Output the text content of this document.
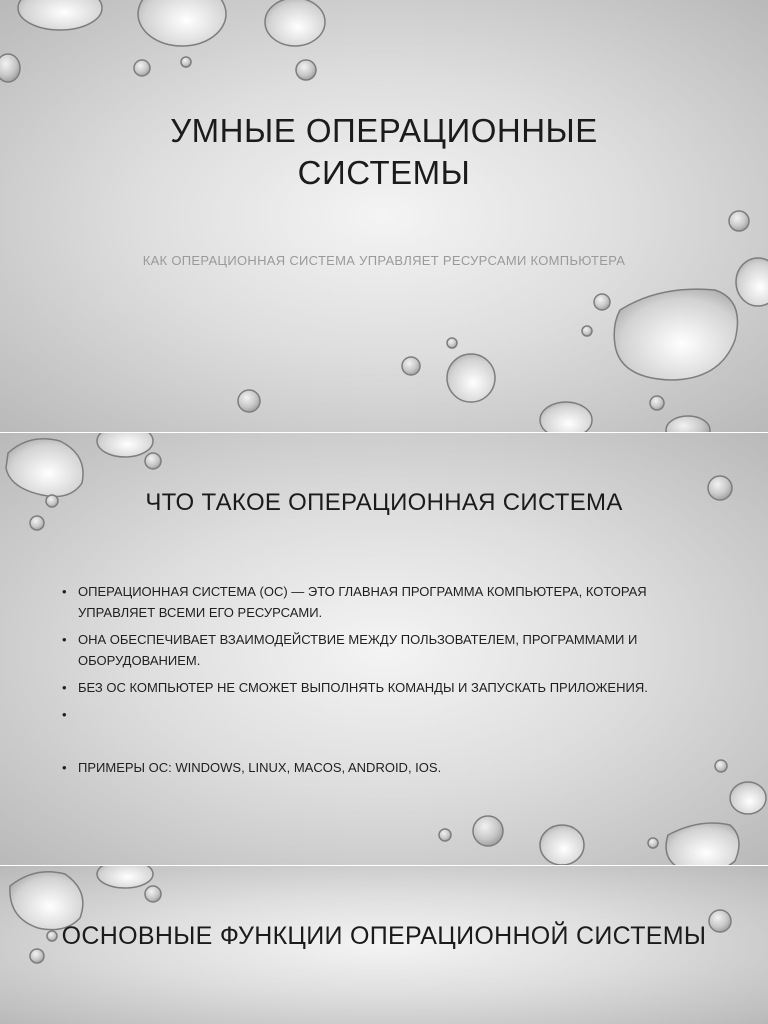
УМНЫЕ ОПЕРАЦИОННЫЕ
СИСТЕМЫ
КАК ОПЕРАЦИОННАЯ СИСТЕМА УПРАВЛЯЕТ РЕСУРСАМИ КОМПЬЮТЕРА
ЧТО ТАКОЕ ОПЕРАЦИОННАЯ СИСТЕМА
• ОПЕРАЦИОННАЯ СИСТЕМА (ОС) — ЭТО ГЛАВНАЯ ПРОГРАММА КОМПЬЮТЕРА, КОТОРАЯ УПРАВЛЯЕТ ВСЕМИ ЕГО РЕСУРСАМИ.
• ОНА ОБЕСПЕЧИВАЕТ ВЗАИМОДЕЙСТВИЕ МЕЖДУ ПОЛЬЗОВАТЕЛЕМ, ПРОГРАММАМИ И ОБОРУДОВАНИЕМ.
• БЕЗ ОС КОМПЬЮТЕР НЕ СМОЖЕТ ВЫПОЛНЯТЬ КОМАНДЫ И ЗАПУСКАТЬ ПРИЛОЖЕНИЯ.
•
• ПРИМЕРЫ ОС: WINDOWS, LINUX, MACOS, ANDROID, IOS.
ОСНОВНЫЕ ФУНКЦИИ ОПЕРАЦИОННОЙ СИСТЕМЫ
